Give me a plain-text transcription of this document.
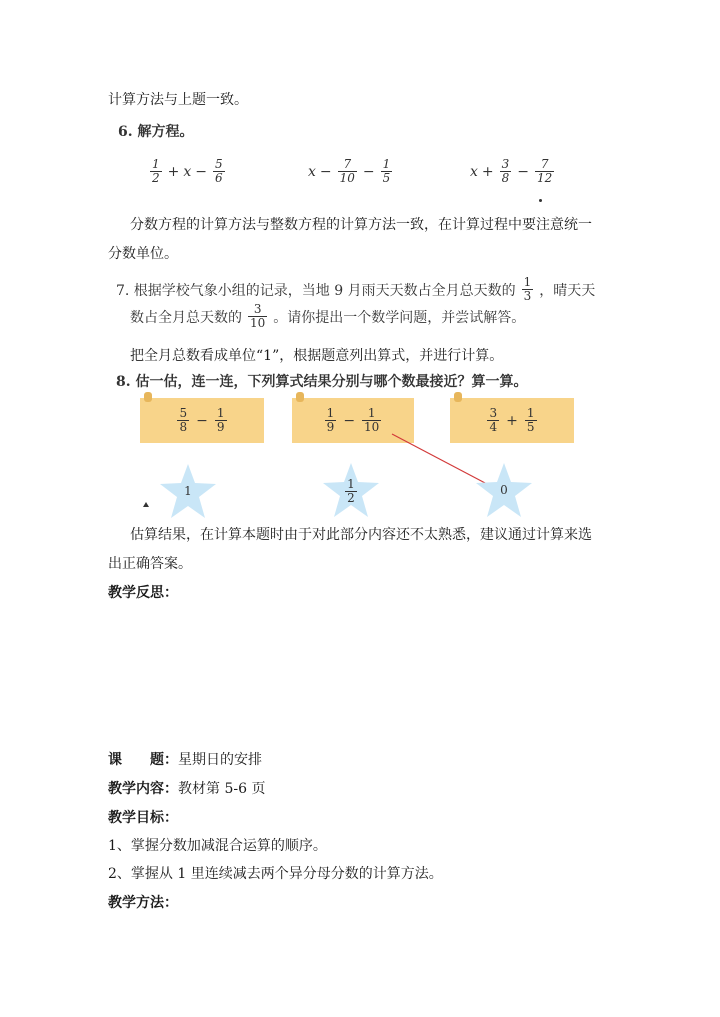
计算方法与上题一致。
6. 解方程。
$\frac{1}{2} + x - \frac{5}{6}$	$x - \frac{7}{10} - \frac{1}{5}$	$x + \frac{3}{8} - \frac{7}{12}$
分数方程的计算方法与整数方程的计算方法一致，在计算过程中要注意统一
分数单位。
7. 根据学校气象小组的记录，当地 9 月雨天天数占全月总天数的 $\frac{1}{3}$ ，晴天天
数占全月总天数的 $\frac{3}{10}$ 。请你提出一个数学问题，并尝试解答。
把全月总数看成单位“1”，根据题意列出算式，并进行计算。
8. 估一估，连一连，下列算式结果分别与哪个数最接近？算一算。
$\frac{5}{8} - \frac{1}{9}$	$\frac{1}{9} - \frac{1}{10}$	$\frac{3}{4} + \frac{1}{5}$
1	$\frac{1}{2}$	0
估算结果，在计算本题时由于对此部分内容还不太熟悉，建议通过计算来选
出正确答案。
教学反思：
课　　题：星期日的安排
教学内容：教材第 5-6 页
教学目标：
1、掌握分数加减混合运算的顺序。
2、掌握从 1 里连续减去两个异分母分数的计算方法。
教学方法：
